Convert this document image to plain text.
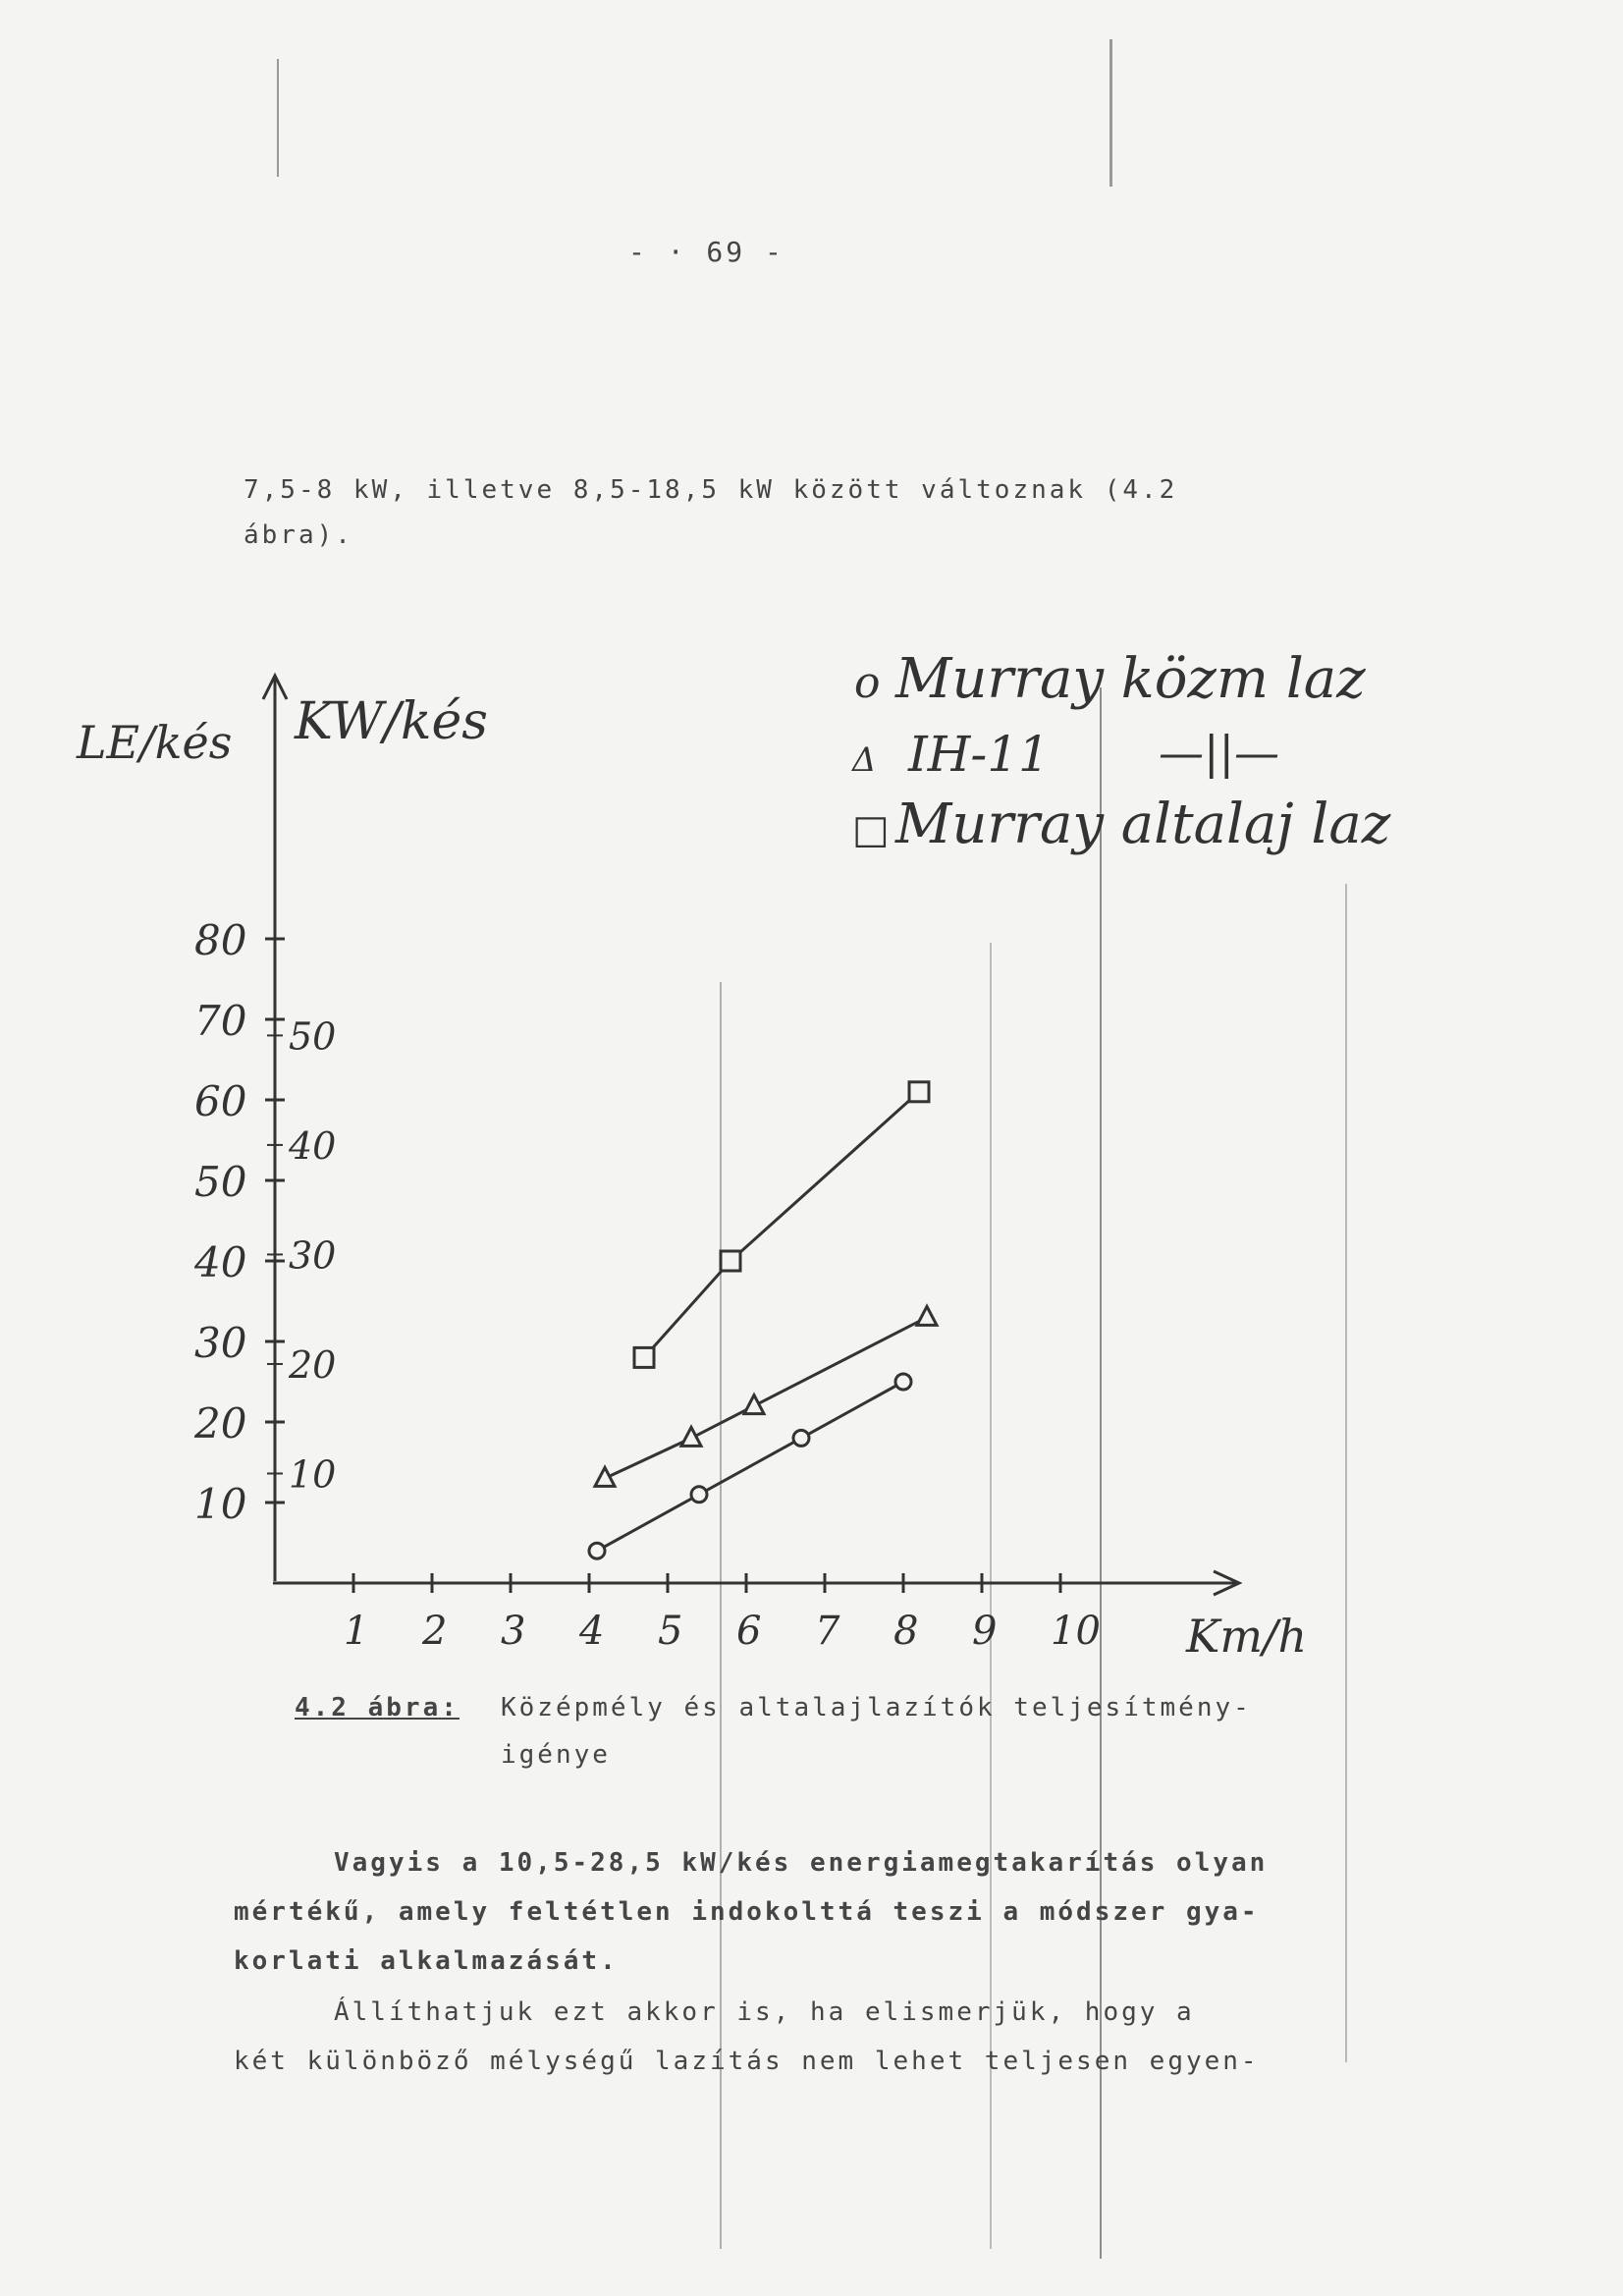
- · 69 -
7,5-8 kW, illetve 8,5-18,5 kW között változnak (4.2
ábra).
1 2 3 4 5 6 7 8 9 10
10
20
30
40
50
60
70
80
10
20
30
40
50
LE/kés KW/kés
Km/h
o Murray közm laz
Δ IH-11 —||—
□ Murray altalaj laz
4.2 ábra: Középmély és altalajlazítók teljesítmény-
igénye
Vagyis a 10,5-28,5 kW/kés energiamegtakarítás olyan
mértékű, amely feltétlen indokolttá teszi a módszer gya-
korlati alkalmazását.
Állíthatjuk ezt akkor is, ha elismerjük, hogy a
két különböző mélységű lazítás nem lehet teljesen egyen-
